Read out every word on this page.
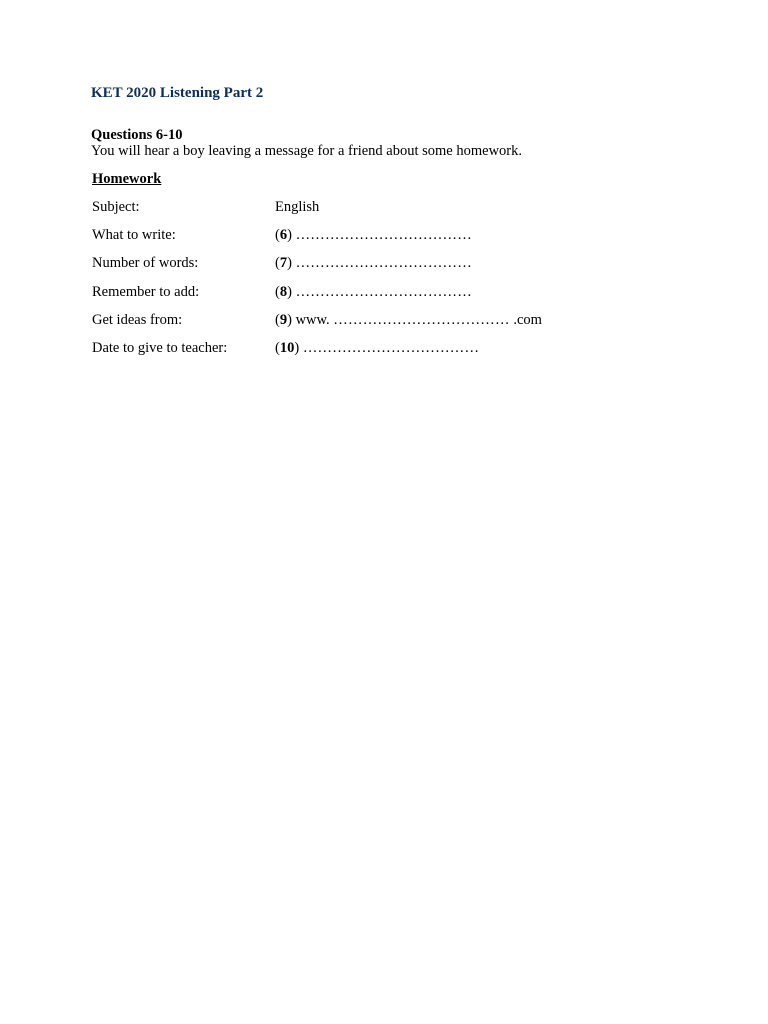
KET 2020 Listening Part 2
Questions 6-10
You will hear a boy leaving a message for a friend about some homework.
Homework
Subject:	English
What to write:	(6) ………………………………
Number of words:	(7) ………………………………
Remember to add:	(8) ………………………………
Get ideas from:	(9) www. ……………………………… .com
Date to give to teacher:	(10) ………………………………
